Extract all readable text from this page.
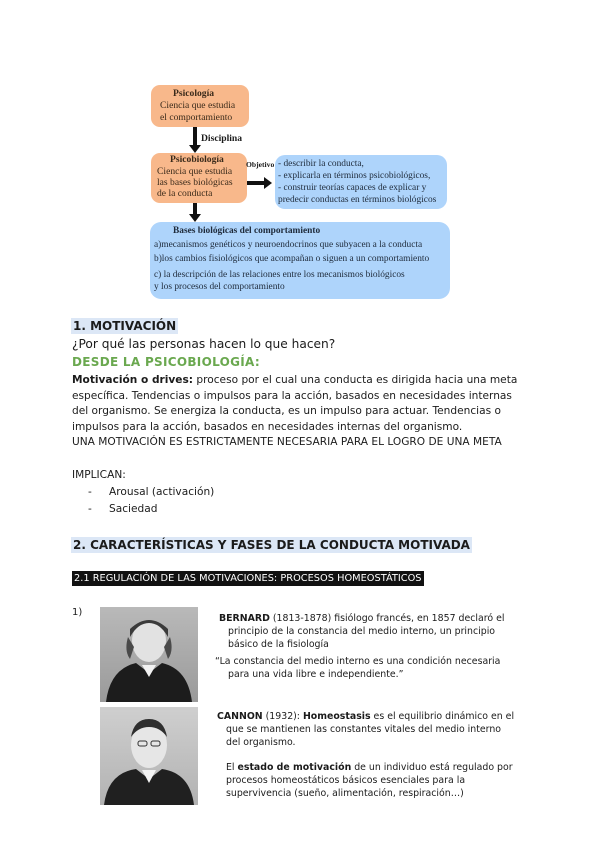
Psicología
Ciencia que estudia
el comportamiento
Disciplina
Psicobiología
Ciencia que estudia
las bases biológicas
de la conducta
Objetivo - describir la conducta,
- explicarla en términos psicobiológicos,
- construir teorías capaces de explicar y
predecir conductas en términos biológicos
Bases biológicas del comportamiento
a)mecanismos genéticos y neuroendocrinos que subyacen a la conducta
b)los cambios fisiológicos que acompañan o siguen a un comportamiento
c) la descripción de las relaciones entre los mecanismos biológicos
y los procesos del comportamiento
1. MOTIVACIÓN
¿Por qué las personas hacen lo que hacen?
DESDE LA PSICOBIOLOGÍA:
Motivación o drives: proceso por el cual una conducta es dirigida hacia una meta
específica. Tendencias o impulsos para la acción, basados en necesidades internas
del organismo. Se energiza la conducta, es un impulso para actuar. Tendencias o
impulsos para la acción, basados en necesidades internas del organismo.
UNA MOTIVACIÓN ES ESTRICTAMENTE NECESARIA PARA EL LOGRO DE UNA META
IMPLICAN:
- Arousal (activación)
- Saciedad
2. CARACTERÍSTICAS Y FASES DE LA CONDUCTA MOTIVADA
2.1 REGULACIÓN DE LAS MOTIVACIONES: PROCESOS HOMEOSTÁTICOS
1)
BERNARD (1813-1878) fisiólogo francés, en 1857 declaró el
principio de la constancia del medio interno, un principio
básico de la fisiología
“La constancia del medio interno es una condición necesaria
para una vida libre e independiente.”
CANNON (1932): Homeostasis es el equilibrio dinámico en el
que se mantienen las constantes vitales del medio interno
del organismo.
El estado de motivación de un individuo está regulado por
procesos homeostáticos básicos esenciales para la
supervivencia (sueño, alimentación, respiración…)
